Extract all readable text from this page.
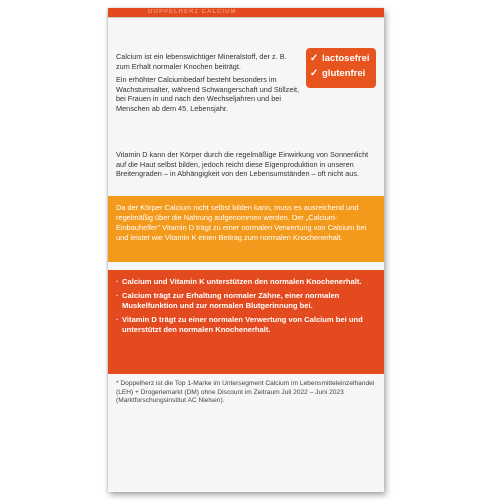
DOPPELHERZ CALCIUM

Calcium ist ein lebenswichtiger Mineralstoff, der z. B. zum Erhalt normaler Knochen beiträgt.

Ein erhöhter Calciumbedarf besteht besonders im Wachstumsalter, während Schwangerschaft und Stillzeit, bei Frauen in und nach den Wechseljahren und bei Menschen ab dem 45. Lebensjahr.

Vitamin D kann der Körper durch die regelmäßige Einwirkung von Sonnenlicht auf die Haut selbst bilden, jedoch reicht diese Eigenproduktion in unseren Breitengraden – in Abhängigkeit von den Lebensumständen – oft nicht aus.

✓ lactosefrei
✓ glutenfrei

Da der Körper Calcium nicht selbst bilden kann, muss es ausreichend und regelmäßig über die Nahrung aufgenommen werden. Der „Calcium-Einbauhelfer" Vitamin D trägt zu einer normalen Verwertung von Calcium bei und leistet wie Vitamin K einen Beitrag zum normalen Knochenerhalt.

· Calcium und Vitamin K unterstützen den normalen Knochenerhalt.
· Calcium trägt zur Erhaltung normaler Zähne, einer normalen Muskelfunktion und zur normalen Blutgerinnung bei.
· Vitamin D trägt zu einer normalen Verwertung von Calcium bei und unterstützt den normalen Knochenerhalt.

* Doppelherz ist die Top 1-Marke im Untersegment Calcium im Lebensmitteleinzelhandel (LEH) + Drogeriemarkt (DM) ohne Discount im Zeitraum Juli 2022 – Juni 2023 (Marktforschungsinstitut AC Nielsen).
